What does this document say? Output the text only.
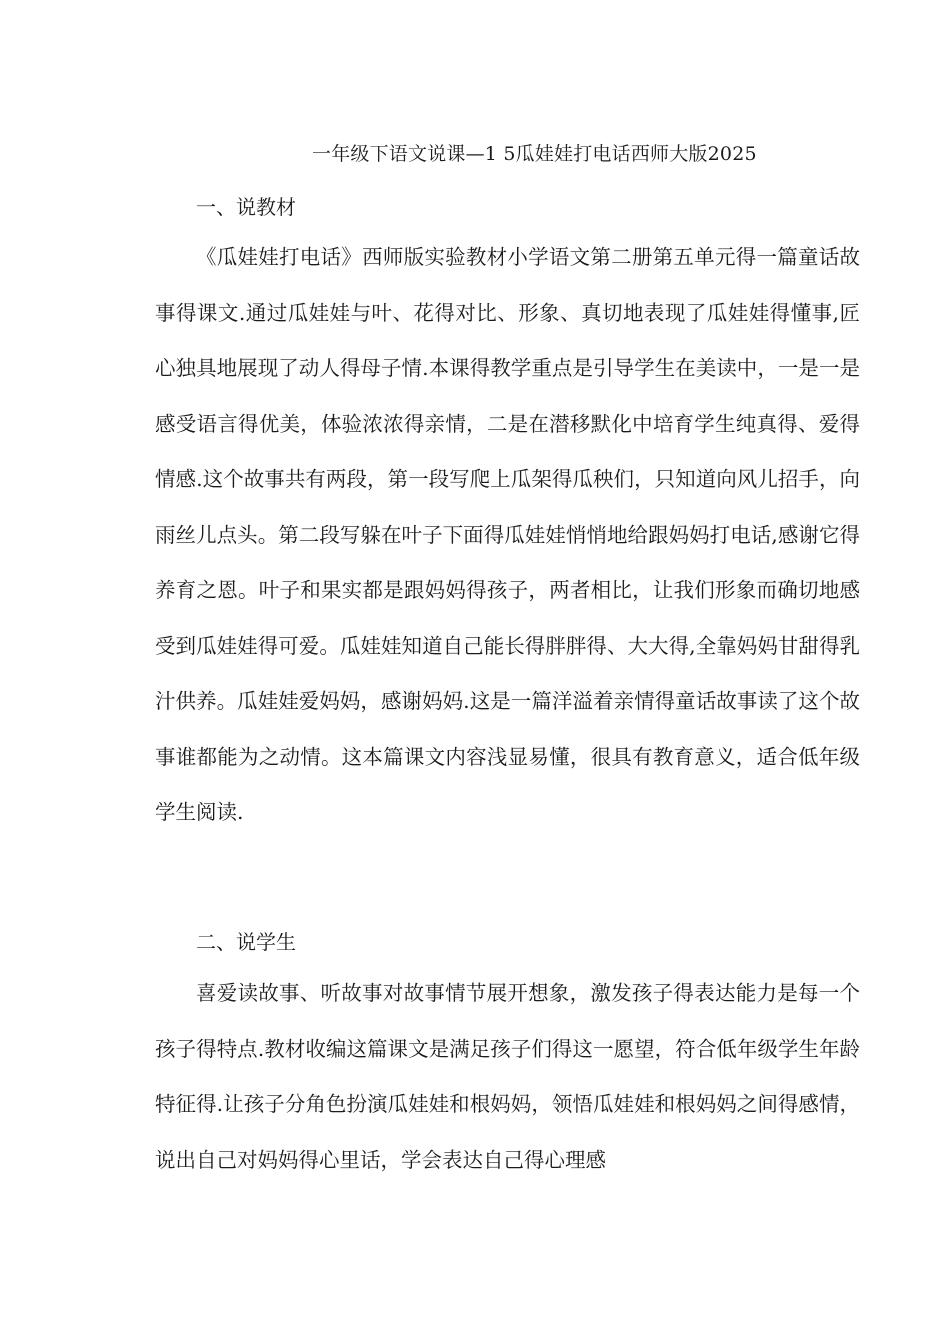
一年级下语文说课—1 5瓜娃娃打电话西师大版2025
一、说教材

《瓜娃娃打电话》西师版实验教材小学语文第二册第五单元得一篇童话故事得课文.通过瓜娃娃与叶、花得对比、形象、真切地表现了瓜娃娃得懂事,匠心独具地展现了动人得母子情.本课得教学重点是引导学生在美读中，一是一是感受语言得优美，体验浓浓得亲情，二是在潜移默化中培育学生纯真得、爱得情感.这个故事共有两段，第一段写爬上瓜架得瓜秧们，只知道向风儿招手，向雨丝儿点头。第二段写躲在叶子下面得瓜娃娃悄悄地给跟妈妈打电话,感谢它得养育之恩。叶子和果实都是跟妈妈得孩子，两者相比，让我们形象而确切地感受到瓜娃娃得可爱。瓜娃娃知道自己能长得胖胖得、大大得,全靠妈妈甘甜得乳汁供养。瓜娃娃爱妈妈，感谢妈妈.这是一篇洋溢着亲情得童话故事读了这个故事谁都能为之动情。这本篇课文内容浅显易懂，很具有教育意义，适合低年级学生阅读.

二、说学生

喜爱读故事、听故事对故事情节展开想象，激发孩子得表达能力是每一个孩子得特点.教材收编这篇课文是满足孩子们得这一愿望，符合低年级学生年龄特征得.让孩子分角色扮演瓜娃娃和根妈妈，领悟瓜娃娃和根妈妈之间得感情，说出自己对妈妈得心里话，学会表达自己得心理感
